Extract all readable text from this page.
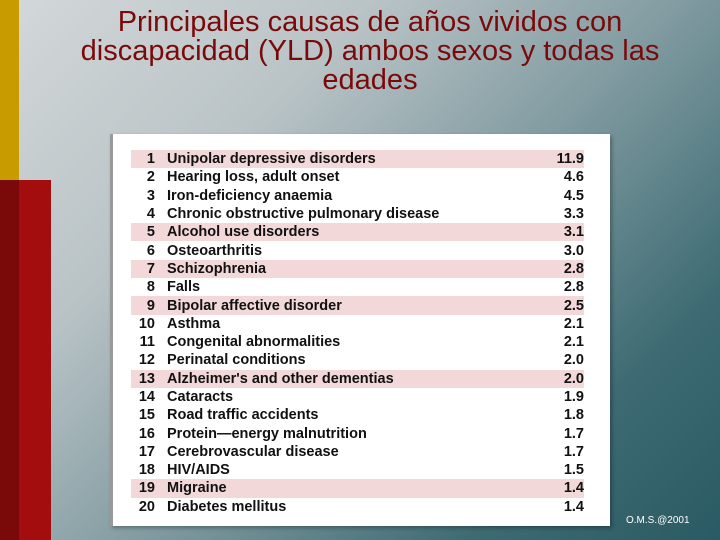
Principales causas de años vividos con discapacidad (YLD) ambos sexos y todas las edades
1 Unipolar depressive disorders	11.9
2 Hearing loss, adult onset	4.6
3 Iron-deficiency anaemia	4.5
4 Chronic obstructive pulmonary disease	3.3
5 Alcohol use disorders	3.1
6 Osteoarthritis	3.0
7 Schizophrenia	2.8
8 Falls	2.8
9 Bipolar affective disorder	2.5
10 Asthma	2.1
11 Congenital abnormalities	2.1
12 Perinatal conditions	2.0
13 Alzheimer's and other dementias	2.0
14 Cataracts	1.9
15 Road traffic accidents	1.8
16 Protein—energy malnutrition	1.7
17 Cerebrovascular disease	1.7
18 HIV/AIDS	1.5
19 Migraine	1.4
20 Diabetes mellitus	1.4
O.M.S.@2001
